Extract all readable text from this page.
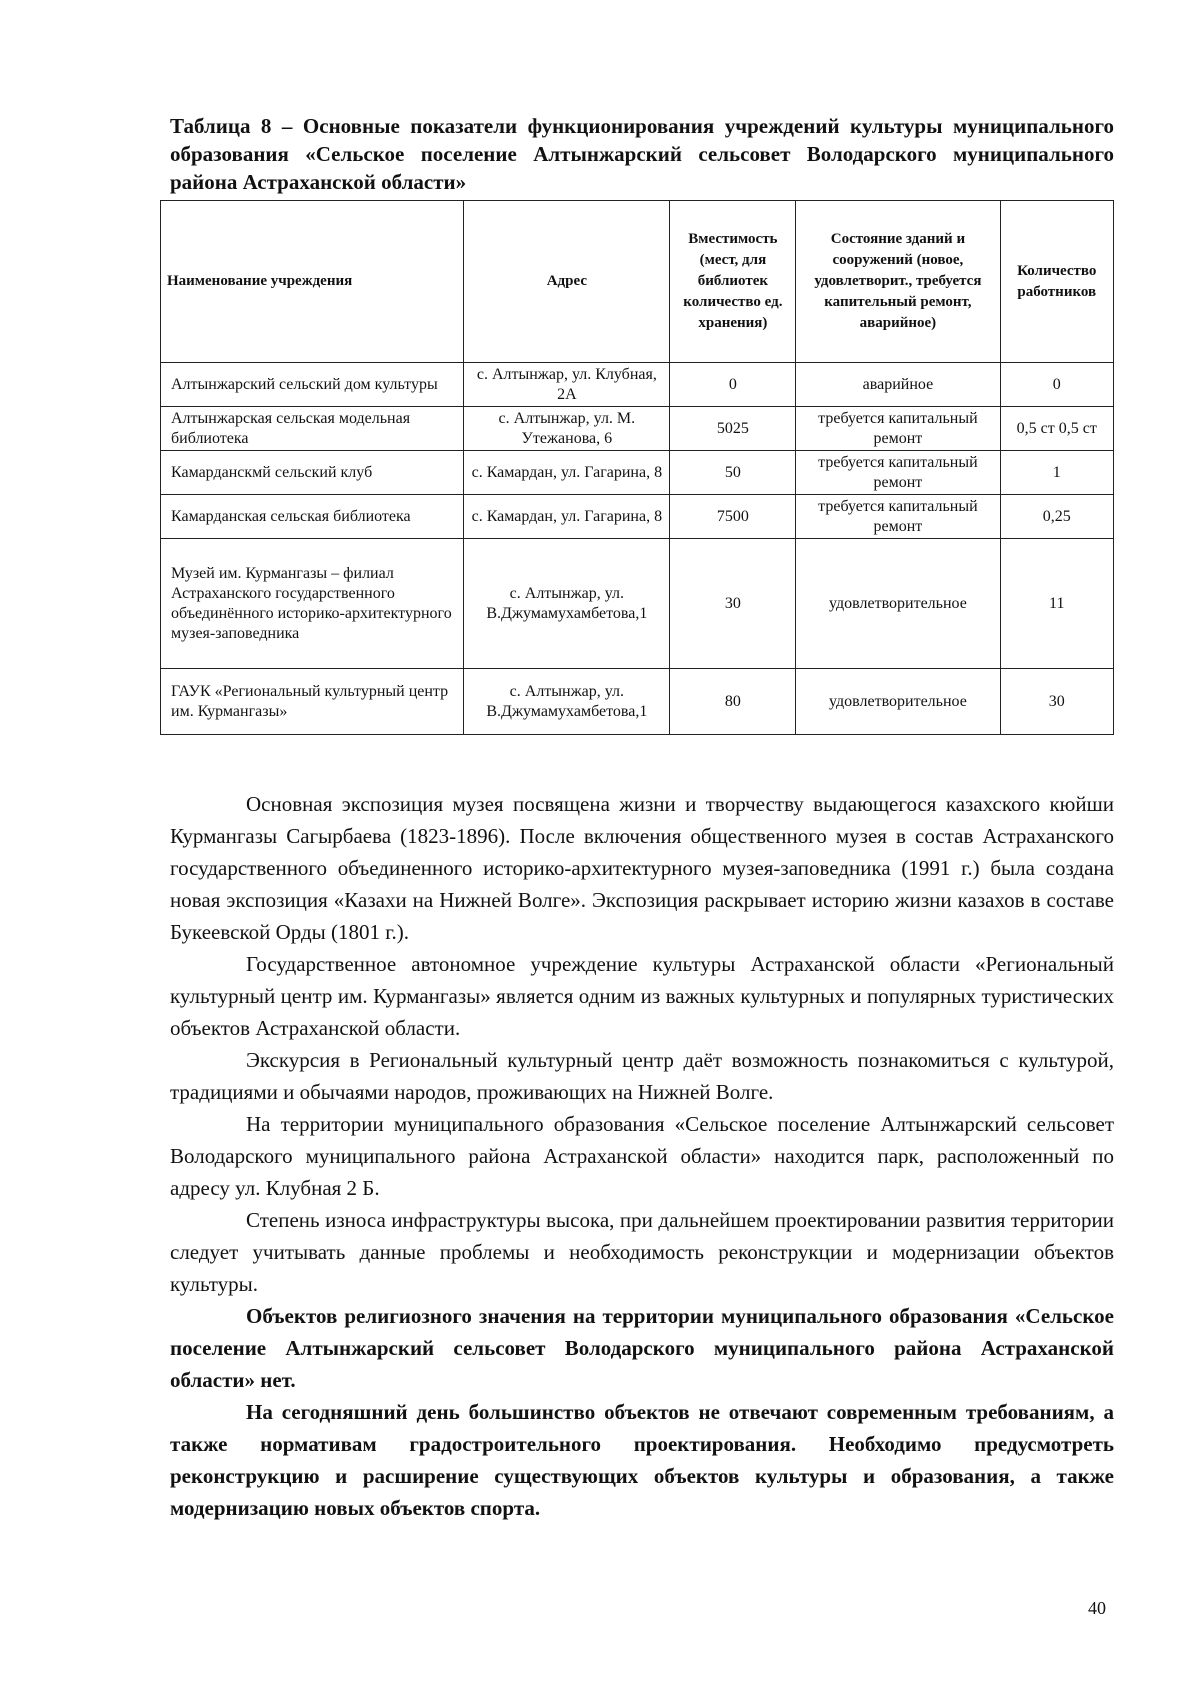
Таблица 8 – Основные показатели функционирования учреждений культуры муниципального образования «Сельское поселение Алтынжарский сельсовет Володарского муниципального района Астраханской области»
Наименование учреждения	Адрес	Вместимость (мест, для библиотек количество ед. хранения)	Состояние зданий и сооружений (новое, удовлетворит., требуется капительный ремонт, аварийное)	Количество работников
Алтынжарский сельский дом культуры	с. Алтынжар, ул. Клубная, 2А	0	аварийное	0
Алтынжарская сельская модельная библиотека	с. Алтынжар, ул. М. Утежанова, 6	5025	требуется капитальный ремонт	0,5 ст 0,5 ст
Камарданскмй сельский клуб	с. Камардан, ул. Гагарина, 8	50	требуется капитальный ремонт	1
Камарданская сельская библиотека	с. Камардан, ул. Гагарина, 8	7500	требуется капитальный ремонт	0,25
Музей им. Курмангазы – филиал Астраханского государственного объединённого историко-архитектурного музея-заповедника	с. Алтынжар, ул. В.Джумамухамбетова,1	30	удовлетворительное	11
ГАУК «Региональный культурный центр им. Курмангазы»	с. Алтынжар, ул. В.Джумамухамбетова,1	80	удовлетворительное	30

Основная экспозиция музея посвящена жизни и творчеству выдающегося казахского кюйши Курмангазы Сагырбаева (1823-1896). После включения общественного музея в состав Астраханского государственного объединенного историко-архитектурного музея-заповедника (1991 г.) была создана новая экспозиция «Казахи на Нижней Волге». Экспозиция раскрывает историю жизни казахов в составе Букеевской Орды (1801 г.).

Государственное автономное учреждение культуры Астраханской области «Региональный культурный центр им. Курмангазы» является одним из важных культурных и популярных туристических объектов Астраханской области.

Экскурсия в Региональный культурный центр даёт возможность познакомиться с культурой, традициями и обычаями народов, проживающих на Нижней Волге.

На территории муниципального образования «Сельское поселение Алтынжарский сельсовет Володарского муниципального района Астраханской области» находится парк, расположенный по адресу ул. Клубная 2 Б.

Степень износа инфраструктуры высока, при дальнейшем проектировании развития территории следует учитывать данные проблемы и необходимость реконструкции и модернизации объектов культуры.

Объектов религиозного значения на территории муниципального образования «Сельское поселение Алтынжарский сельсовет Володарского муниципального района Астраханской области» нет.

На сегодняшний день большинство объектов не отвечают современным требованиям, а также нормативам градостроительного проектирования. Необходимо предусмотреть реконструкцию и расширение существующих объектов культуры и образования, а также модернизацию новых объектов спорта.

40
